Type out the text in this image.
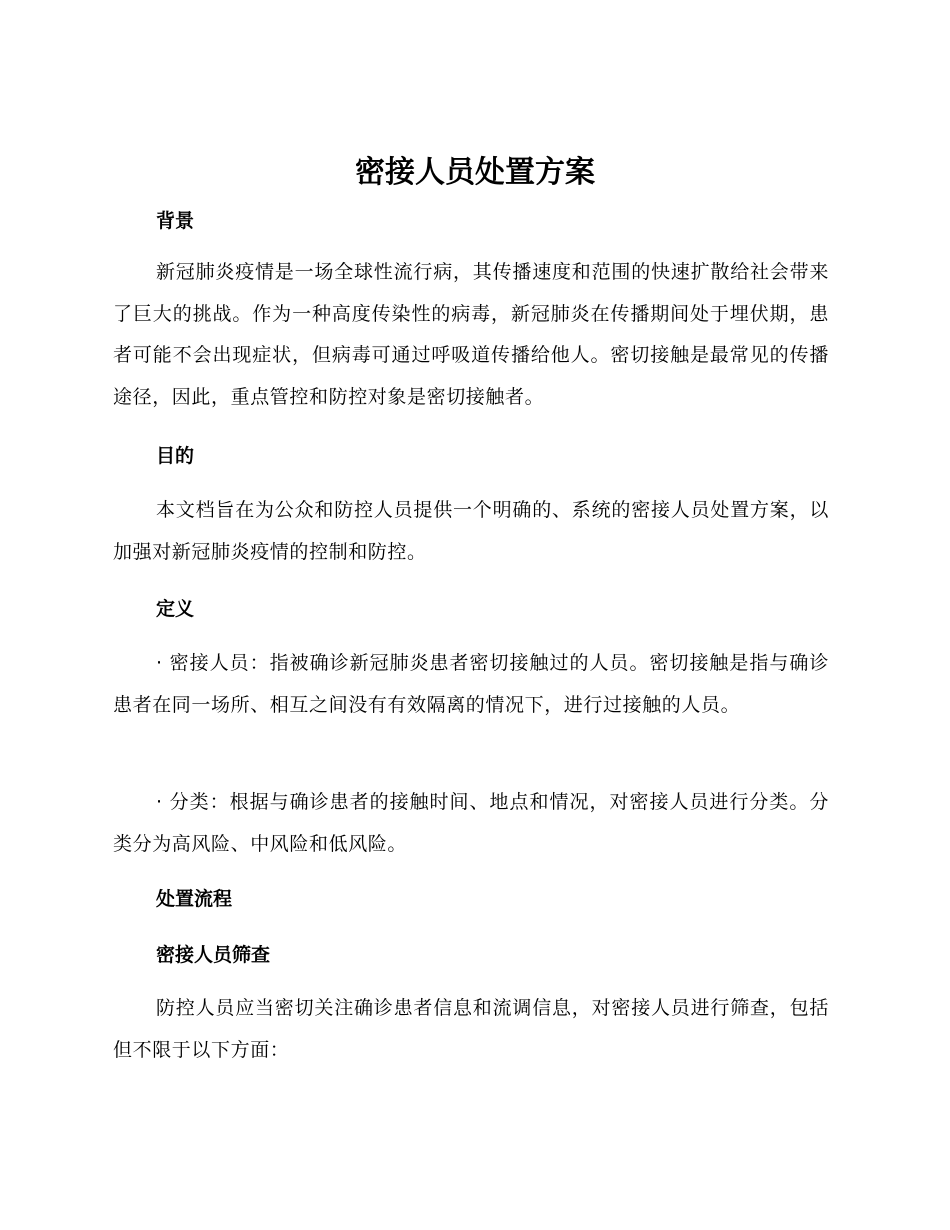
密接人员处置方案
背景

新冠肺炎疫情是一场全球性流行病，其传播速度和范围的快速扩散给社会带来了巨大的挑战。作为一种高度传染性的病毒，新冠肺炎在传播期间处于埋伏期，患者可能不会出现症状，但病毒可通过呼吸道传播给他人。密切接触是最常见的传播途径，因此，重点管控和防控对象是密切接触者。

目的

本文档旨在为公众和防控人员提供一个明确的、系统的密接人员处置方案，以加强对新冠肺炎疫情的控制和防控。

定义

· 密接人员：指被确诊新冠肺炎患者密切接触过的人员。密切接触是指与确诊患者在同一场所、相互之间没有有效隔离的情况下，进行过接触的人员。

· 分类：根据与确诊患者的接触时间、地点和情况，对密接人员进行分类。分类分为高风险、中风险和低风险。

处置流程
密接人员筛查

防控人员应当密切关注确诊患者信息和流调信息，对密接人员进行筛查，包括但不限于以下方面：
